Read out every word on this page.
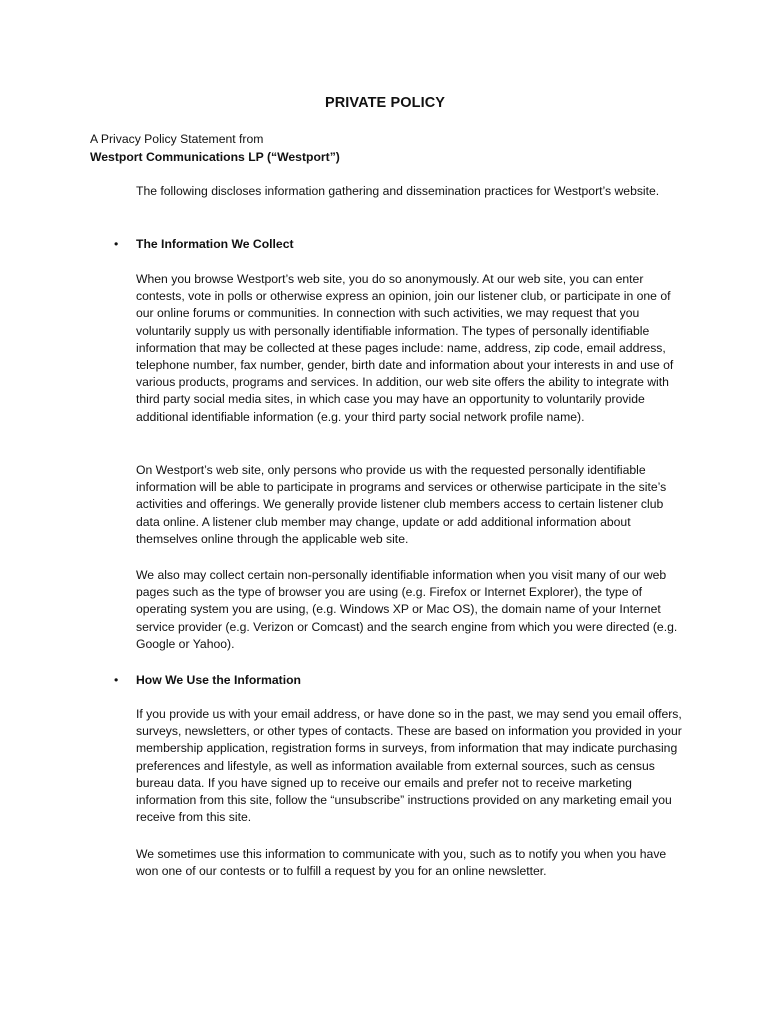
PRIVATE POLICY
A Privacy Policy Statement from
Westport Communications LP (“Westport”)
The following discloses information gathering and dissemination practices for Westport’s website.
• The Information We Collect

When you browse Westport’s web site, you do so anonymously. At our web site, you can enter contests, vote in polls or otherwise express an opinion, join our listener club, or participate in one of our online forums or communities. In connection with such activities, we may request that you voluntarily supply us with personally identifiable information. The types of personally identifiable information that may be collected at these pages include: name, address, zip code, email address, telephone number, fax number, gender, birth date and information about your interests in and use of various products, programs and services. In addition, our web site offers the ability to integrate with third party social media sites, in which case you may have an opportunity to voluntarily provide additional identifiable information (e.g. your third party social network profile name).

On Westport’s web site, only persons who provide us with the requested personally identifiable information will be able to participate in programs and services or otherwise participate in the site’s activities and offerings. We generally provide listener club members access to certain listener club data online. A listener club member may change, update or add additional information about themselves online through the applicable web site.

We also may collect certain non-personally identifiable information when you visit many of our web pages such as the type of browser you are using (e.g. Firefox or Internet Explorer), the type of operating system you are using, (e.g. Windows XP or Mac OS), the domain name of your Internet service provider (e.g. Verizon or Comcast) and the search engine from which you were directed (e.g. Google or Yahoo).

• How We Use the Information

If you provide us with your email address, or have done so in the past, we may send you email offers, surveys, newsletters, or other types of contacts. These are based on information you provided in your membership application, registration forms in surveys, from information that may indicate purchasing preferences and lifestyle, as well as information available from external sources, such as census bureau data. If you have signed up to receive our emails and prefer not to receive marketing information from this site, follow the “unsubscribe” instructions provided on any marketing email you receive from this site.

We sometimes use this information to communicate with you, such as to notify you when you have won one of our contests or to fulfill a request by you for an online newsletter.
